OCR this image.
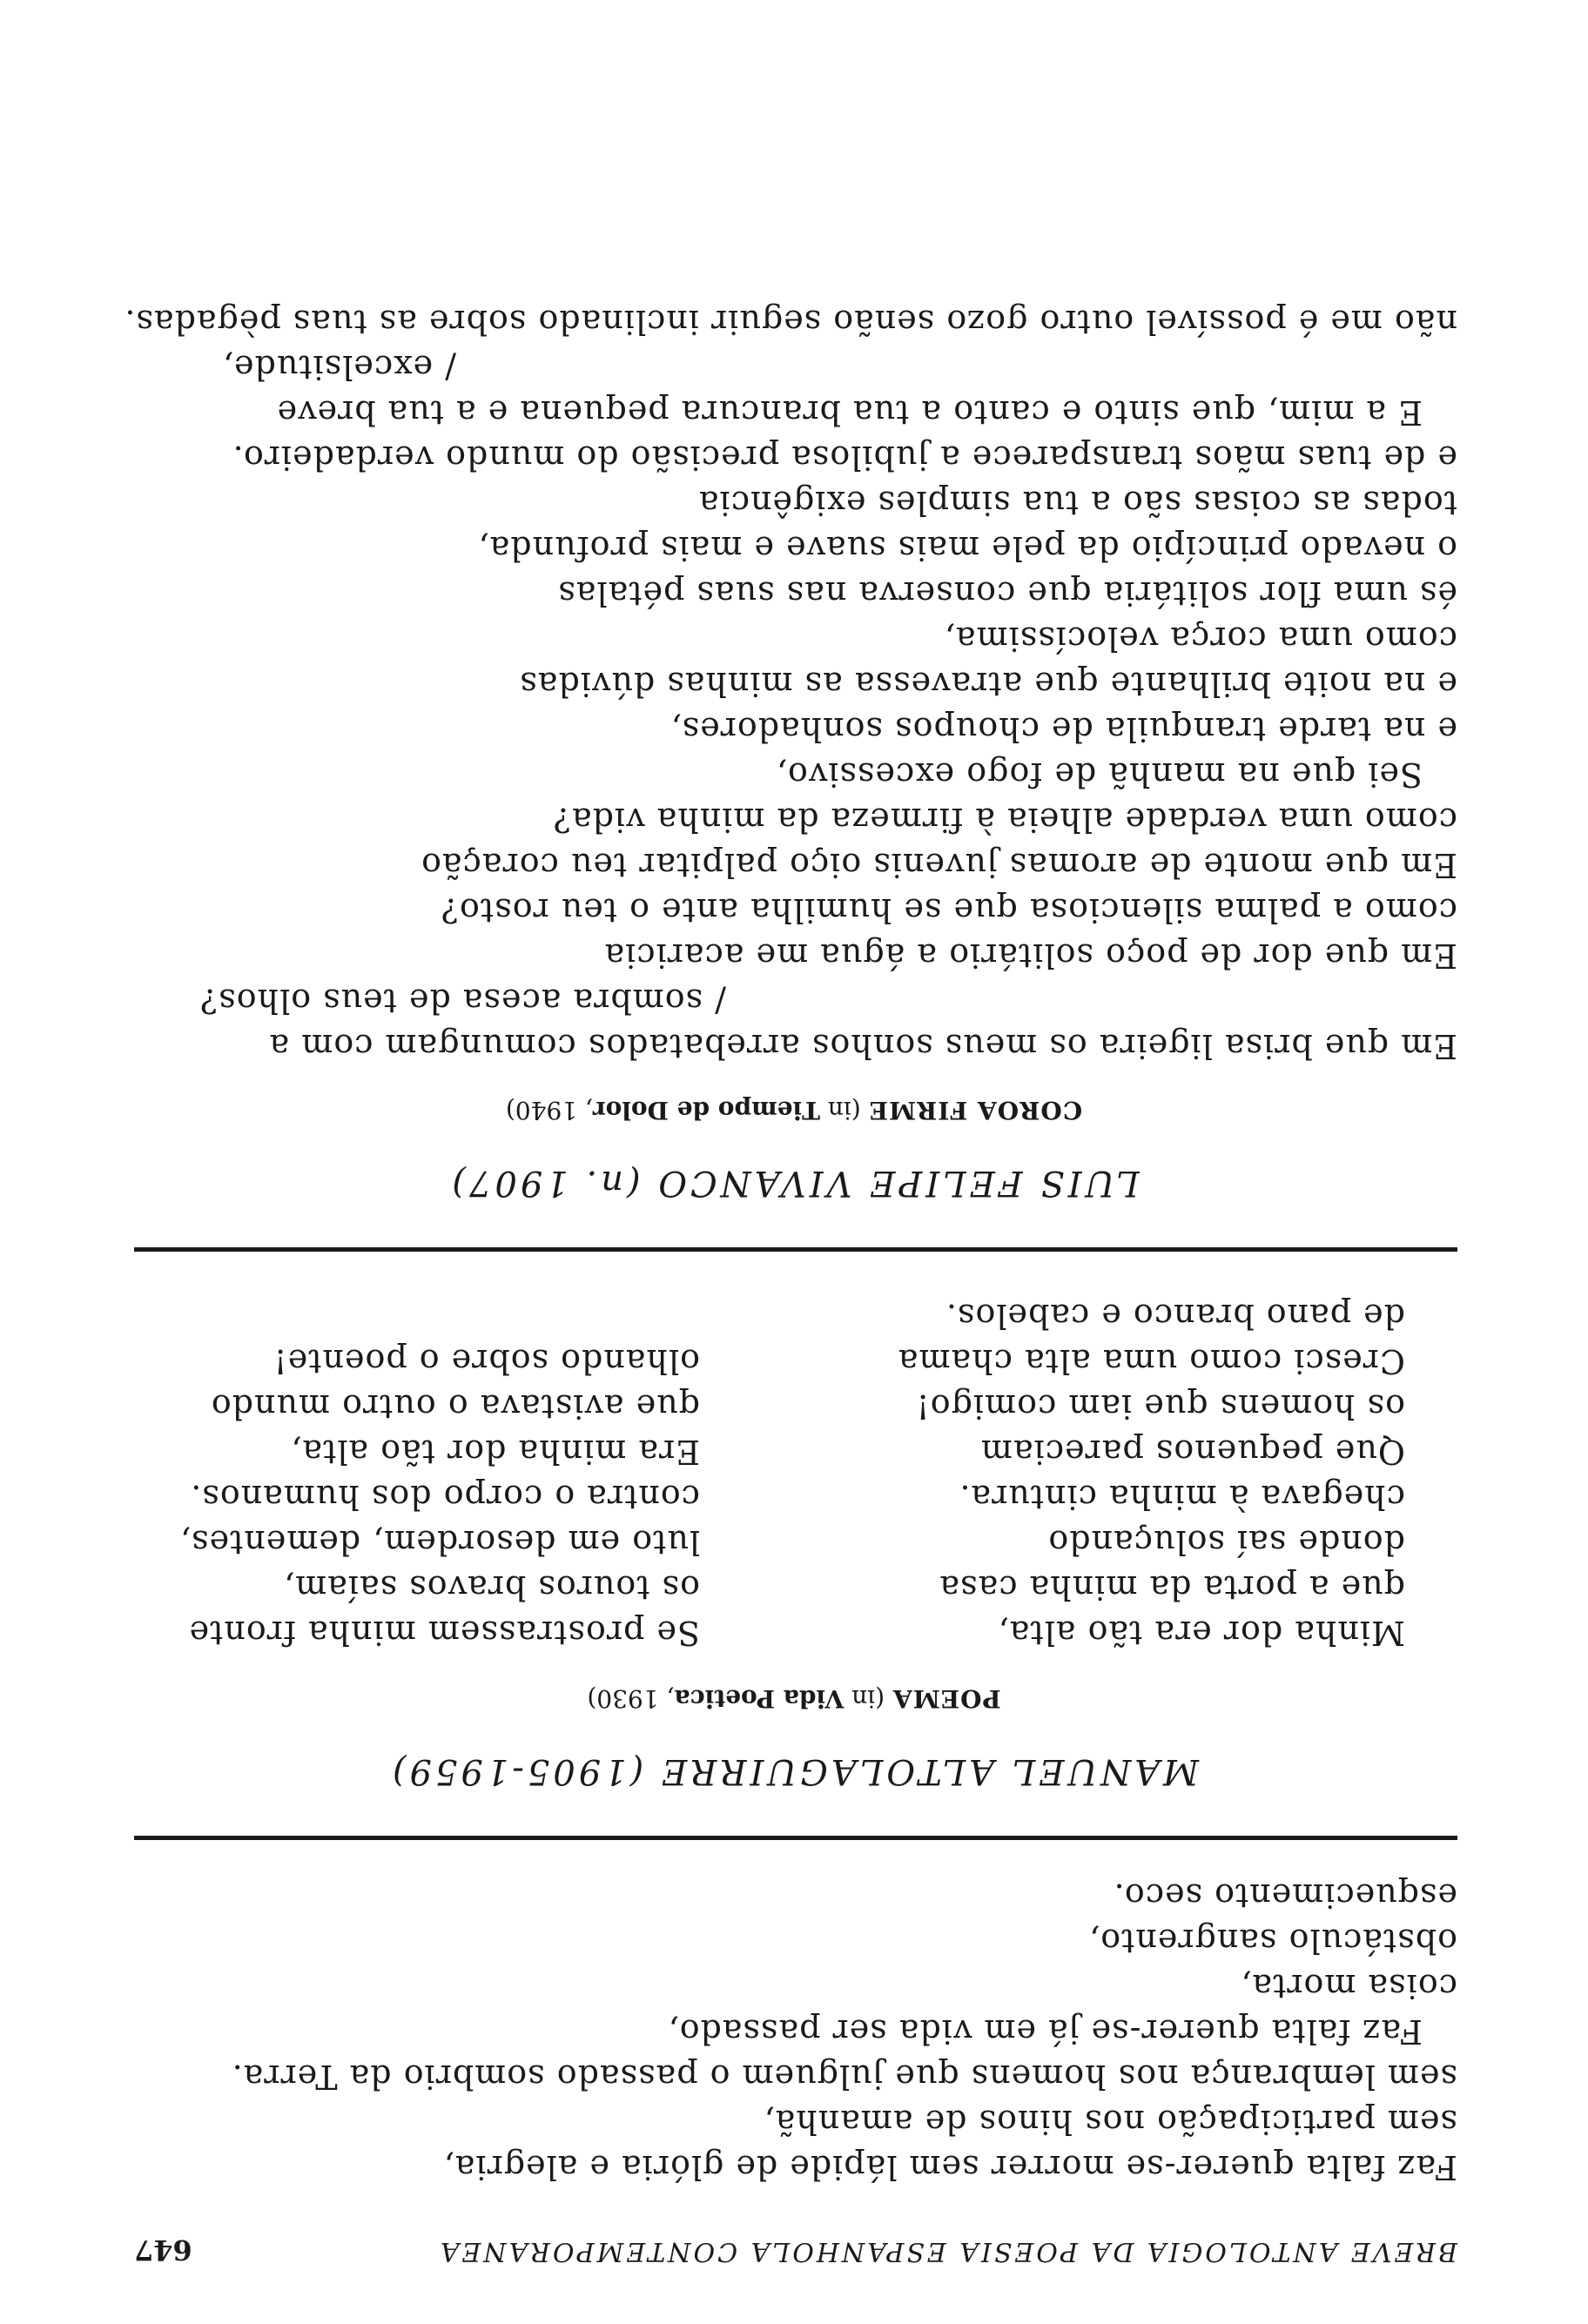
BREVE ANTOLOGIA DA POESIA ESPANHOLA CONTEMPORANEA
647
Faz falta querer-se morrer sem lápide de glória e alegria,
sem participação nos hinos de amanhã,
sem lembrança nos homens que julguem o passado sombrio da Terra.
Faz falta querer-se já em vida ser passado,
coisa morta,
obstáculo sangrento,
esquecimento seco.
MANUEL ALTOLAGUIRRE (1905-1959)
POEMA (in Vida Poetica, 1930)
Minha dor era tão alta,
que a porta da minha casa
donde saí soluçando
chegava à minha cintura.
Que pequenos pareciam
os homens que iam comigo!
Cresci como uma alta chama
de pano branco e cabelos.
Se prostrassem minha fronte
os touros bravos saíam,
luto em desordem, dementes,
contra o corpo dos humanos.
Era minha dor tão alta,
que avistava o outro mundo
olhando sobre o poente!
LUIS FELIPE VIVANCO (n. 1907)
COROA FIRME (in Tiempo de Dolor, 1940)
Em que brisa ligeira os meus sonhos arrebatados comungam com a
/ sombra acesa de teus olhos?
Em que dor de poço solitário a água me acaricia
como a palma silenciosa que se humilha ante o teu rosto?
Em que monte de aromas juvenis oiço palpitar teu coração
como uma verdade alheia à firmeza da minha vida?
Sei que na manhã de fogo excessivo,
e na tarde tranquila de choupos sonhadores,
e na noite brilhante que atravessa as minhas dúvidas
como uma corça velocíssima,
és uma flor solitária que conserva nas suas pétalas
o nevado princípio da pele mais suave e mais profunda,
todas as coisas são a tua simples exigência
e de tuas mãos transparece a jubilosa precisão do mundo verdadeiro.
E a mim, que sinto e canto a tua brancura pequena e a tua breve
/ excelsitude,
não me é possível outro gozo senão seguir inclinado sobre as tuas pègadas.
